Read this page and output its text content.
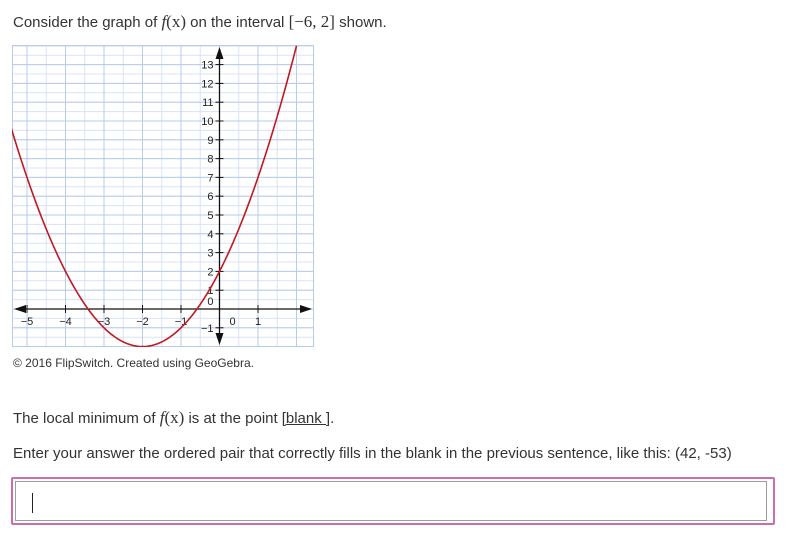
Consider the graph of f(x) on the interval [−6, 2] shown.
−5 −4 −3 −2 −1	0 1
−1
0
1
2
3
4
5
6
7
8
9
10
11
12
13
© 2016 FlipSwitch. Created using GeoGebra.
The local minimum of f(x) is at the point [blank ].
Enter your answer the ordered pair that correctly fills in the blank in the previous sentence, like this: (42, -53)
